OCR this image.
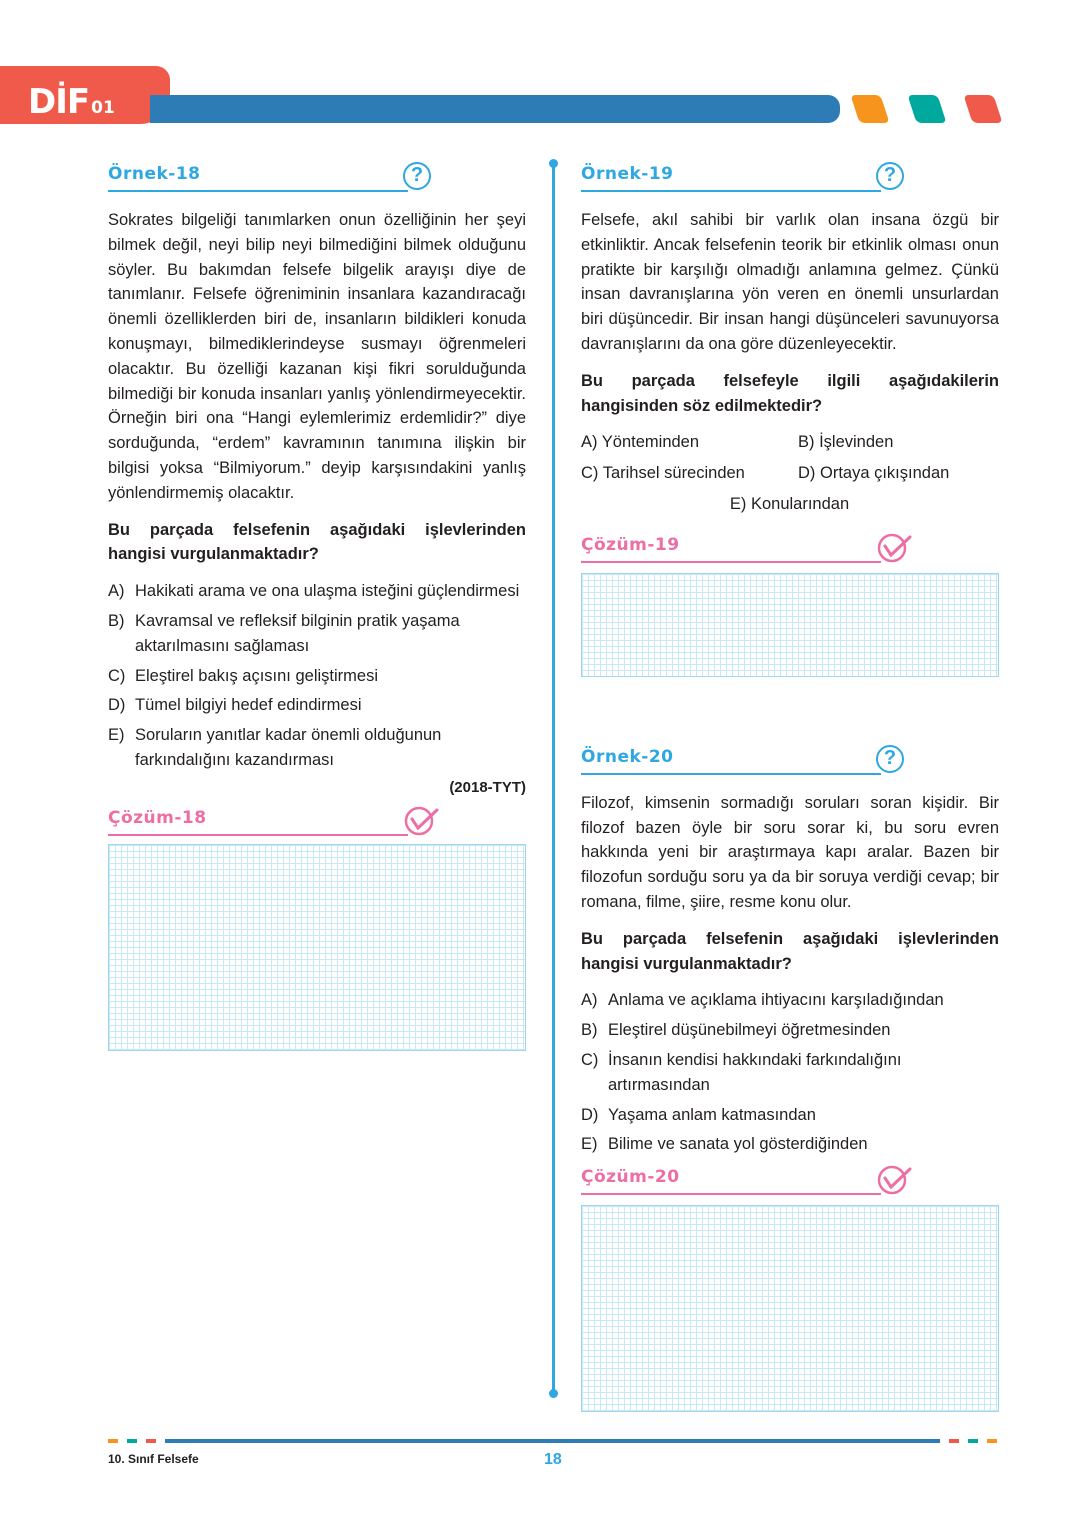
DİF 01
Örnek-18	?

Sokrates bilgeliği tanımlarken onun özelliğinin her şeyi bilmek değil, neyi bilip neyi bilmediğini bilmek olduğunu söyler. Bu bakımdan felsefe bilgelik arayışı diye de tanımlanır. Felsefe öğreniminin insanlara kazandıracağı önemli özelliklerden biri de, insanların bildikleri konuda konuşmayı, bilmediklerindeyse susmayı öğrenmeleri olacaktır. Bu özelliği kazanan kişi fikri sorulduğunda bilmediği bir konuda insanları yanlış yönlendirmeyecektir. Örneğin biri ona “Hangi eylemlerimiz erdemlidir?” diye sorduğunda, “erdem” kavramının tanımına ilişkin bir bilgisi yoksa “Bilmiyorum.” deyip karşısındakini yanlış yönlendirmemiş olacaktır.

Bu parçada felsefenin aşağıdaki işlevlerinden hangisi vurgulanmaktadır?

A) Hakikati arama ve ona ulaşma isteğini güçlendirmesi
B) Kavramsal ve refleksif bilginin pratik yaşama aktarılmasını sağlaması
C) Eleştirel bakış açısını geliştirmesi
D) Tümel bilgiyi hedef edindirmesi
E) Soruların yanıtlar kadar önemli olduğunun farkındalığını kazandırması
(2018-TYT)
Çözüm-18
Örnek-19	?

Felsefe, akıl sahibi bir varlık olan insana özgü bir etkinliktir. Ancak felsefenin teorik bir etkinlik olması onun pratikte bir karşılığı olmadığı anlamına gelmez. Çünkü insan davranışlarına yön veren en önemli unsurlardan biri düşüncedir. Bir insan hangi düşünceleri savunuyorsa davranışlarını da ona göre düzenleyecektir.

Bu parçada felsefeyle ilgili aşağıdakilerin hangisinden söz edilmektedir?

A) Yönteminden	B) İşlevinden
C) Tarihsel sürecinden	D) Ortaya çıkışından
E) Konularından
Çözüm-19
Örnek-20	?

Filozof, kimsenin sormadığı soruları soran kişidir. Bir filozof bazen öyle bir soru sorar ki, bu soru evren hakkında yeni bir araştırmaya kapı aralar. Bazen bir filozofun sorduğu soru ya da bir soruya verdiği cevap; bir romana, filme, şiire, resme konu olur.

Bu parçada felsefenin aşağıdaki işlevlerinden hangisi vurgulanmaktadır?

A) Anlama ve açıklama ihtiyacını karşıladığından
B) Eleştirel düşünebilmeyi öğretmesinden
C) İnsanın kendisi hakkındaki farkındalığını artırmasından
D) Yaşama anlam katmasından
E) Bilime ve sanata yol gösterdiğinden
Çözüm-20
10. Sınıf Felsefe	18
